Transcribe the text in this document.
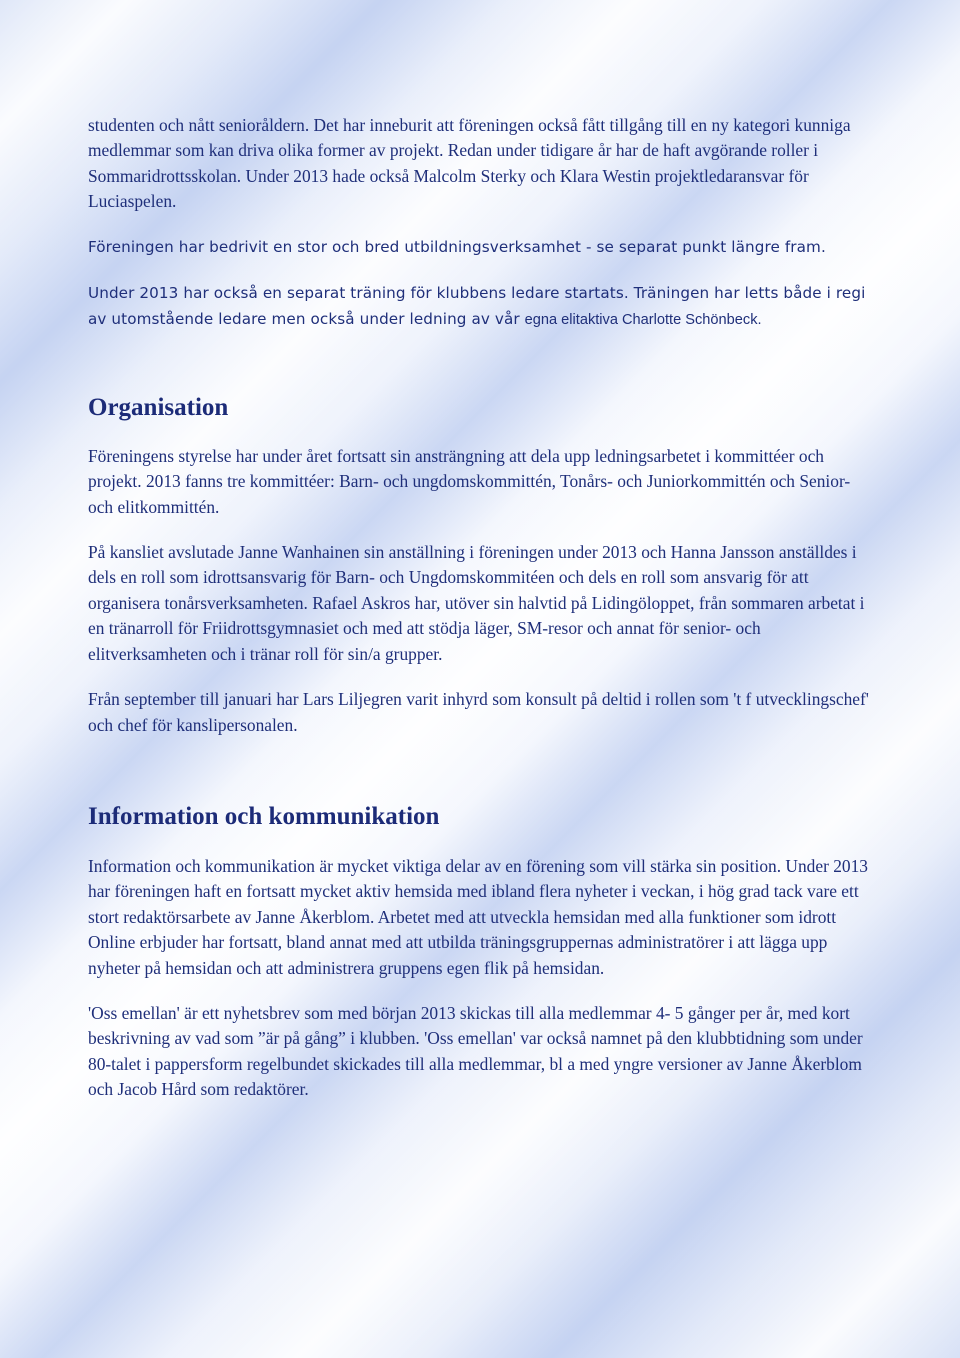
studenten och nått senioråldern. Det har inneburit att föreningen också fått tillgång till en ny kategori kunniga medlemmar som kan driva olika former av projekt. Redan under tidigare år har de haft avgörande roller i Sommaridrottsskolan. Under 2013 hade också Malcolm Sterky och Klara Westin projektledaransvar för Luciaspelen.

Föreningen har bedrivit en stor och bred utbildningsverksamhet - se separat punkt längre fram.

Under 2013 har också en separat träning för klubbens ledare startats. Träningen har letts både i regi av utomstående ledare men också under ledning av vår egna elitaktiva Charlotte Schönbeck.

Organisation

Föreningens styrelse har under året fortsatt sin ansträngning att dela upp ledningsarbetet i kommittéer och projekt. 2013 fanns tre kommittéer: Barn- och ungdomskommittén, Tonårs- och Juniorkommittén och Senior- och elitkommittén.

På kansliet avslutade Janne Wanhainen sin anställning i föreningen under 2013 och Hanna Jansson anställdes i dels en roll som idrottsansvarig för Barn- och Ungdomskommitéen och dels en roll som ansvarig för att organisera tonårsverksamheten. Rafael Askros har, utöver sin halvtid på Lidingöloppet, från sommaren arbetat i en tränarroll för Friidrottsgymnasiet och med att stödja läger, SM-resor och annat för senior- och elitverksamheten och i tränar roll för sin/a grupper.

Från september till januari har Lars Liljegren varit inhyrd som konsult på deltid i rollen som 't f utvecklingschef' och chef för kanslipersonalen.

Information och kommunikation

Information och kommunikation är mycket viktiga delar av en förening som vill stärka sin position. Under 2013 har föreningen haft en fortsatt mycket aktiv hemsida med ibland flera nyheter i veckan, i hög grad tack vare ett stort redaktörsarbete av Janne Åkerblom. Arbetet med att utveckla hemsidan med alla funktioner som idrott Online erbjuder har fortsatt, bland annat med att utbilda träningsgruppernas administratörer i att lägga upp nyheter på hemsidan och att administrera gruppens egen flik på hemsidan.

'Oss emellan' är ett nyhetsbrev som med början 2013 skickas till alla medlemmar 4- 5 gånger per år, med kort beskrivning av vad som ”är på gång” i klubben. 'Oss emellan' var också namnet på den klubbtidning som under 80-talet i pappersform regelbundet skickades till alla medlemmar, bl a med yngre versioner av Janne Åkerblom och Jacob Hård som redaktörer.
